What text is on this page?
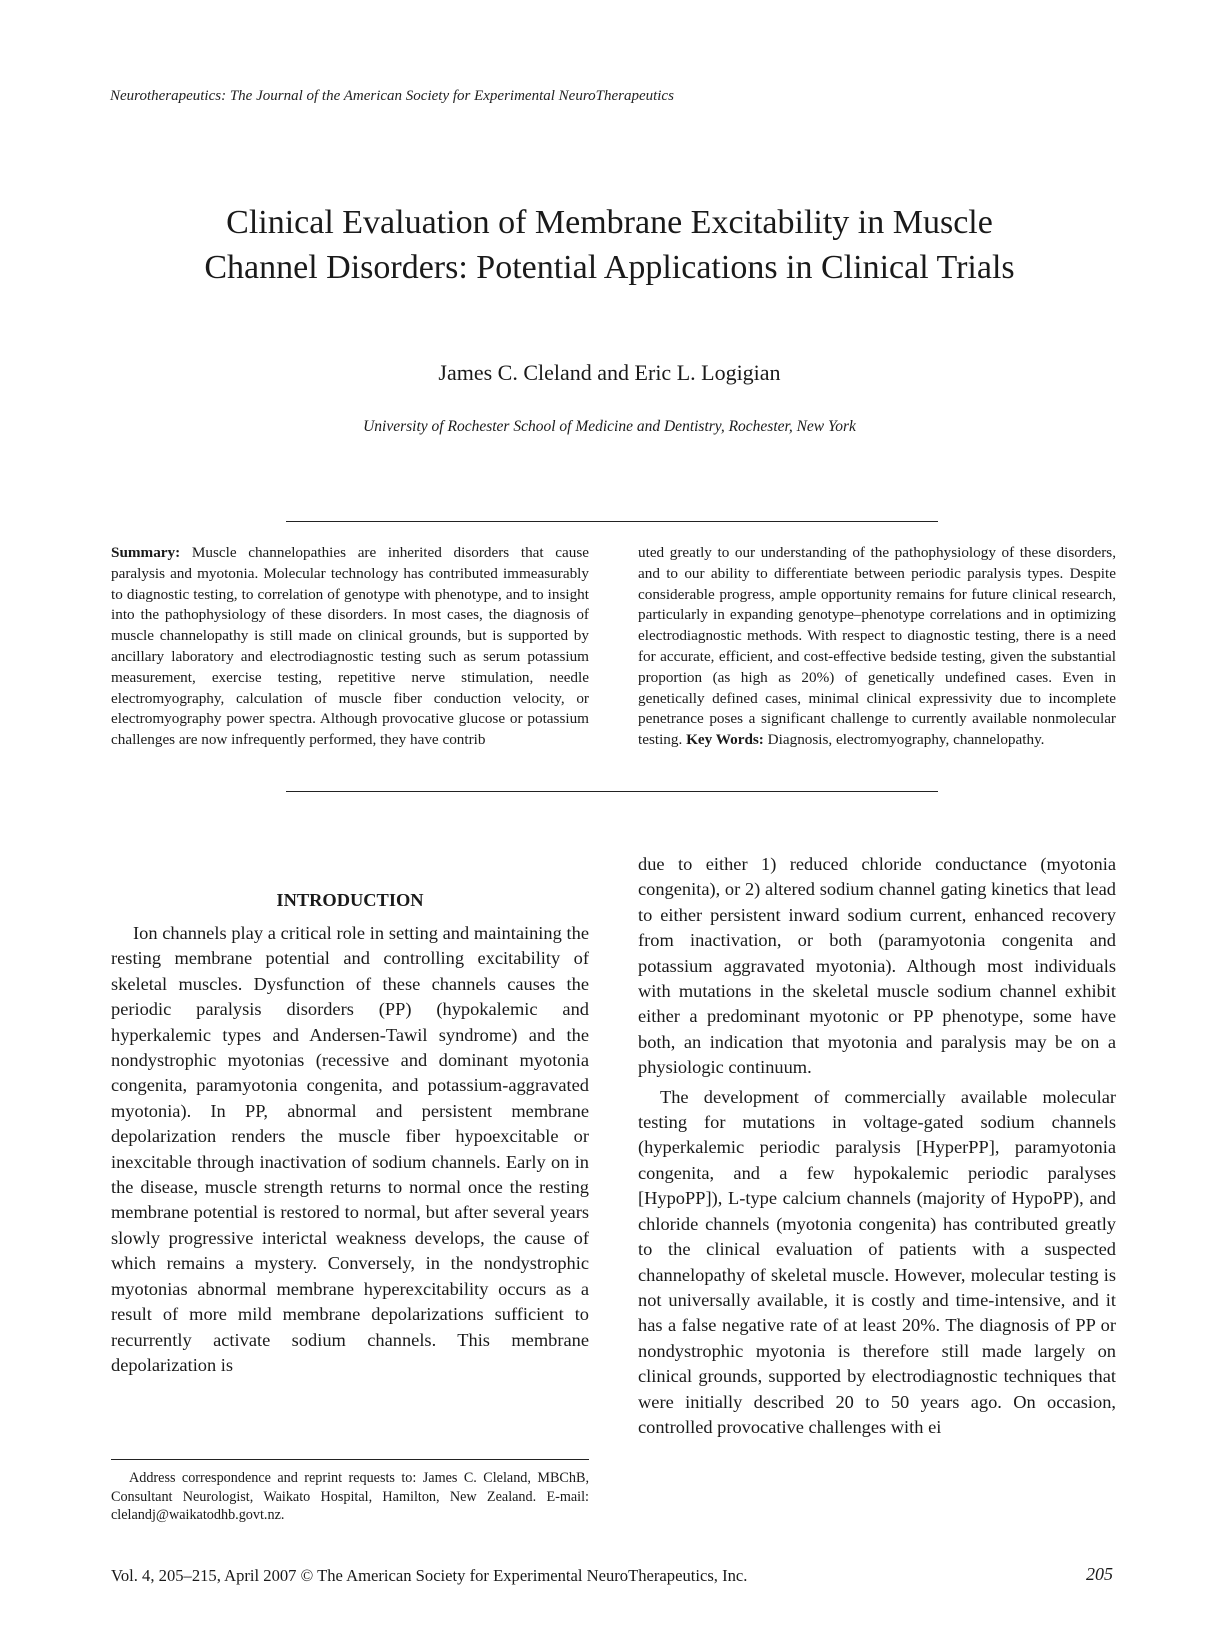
Neurotherapeutics: The Journal of the American Society for Experimental NeuroTherapeutics
Clinical Evaluation of Membrane Excitability in Muscle
Channel Disorders: Potential Applications in Clinical Trials
James C. Cleland and Eric L. Logigian
University of Rochester School of Medicine and Dentistry, Rochester, New York
Summary: Muscle channelopathies are inherited disorders that cause paralysis and myotonia. Molecular technology has contributed immeasurably to diagnostic testing, to correlation of genotype with phenotype, and to insight into the pathophysiology of these disorders. In most cases, the diagnosis of muscle channelopathy is still made on clinical grounds, but is supported by ancillary laboratory and electrodiagnostic testing such as serum potassium measurement, exercise testing, repetitive nerve stimulation, needle electromyography, calculation of muscle fiber conduction velocity, or electromyography power spectra. Although provocative glucose or potassium challenges are now infrequently performed, they have contrib
uted greatly to our understanding of the pathophysiology of these disorders, and to our ability to differentiate between periodic paralysis types. Despite considerable progress, ample opportunity remains for future clinical research, particularly in expanding genotype–phenotype correlations and in optimizing electrodiagnostic methods. With respect to diagnostic testing, there is a need for accurate, efficient, and cost-effective bedside testing, given the substantial proportion (as high as 20%) of genetically undefined cases. Even in genetically defined cases, minimal clinical expressivity due to incomplete penetrance poses a significant challenge to currently available nonmolecular testing. Key Words: Diagnosis, electromyography, channelopathy.
INTRODUCTION

Ion channels play a critical role in setting and maintaining the resting membrane potential and controlling excitability of skeletal muscles. Dysfunction of these channels causes the periodic paralysis disorders (PP) (hypokalemic and hyperkalemic types and Andersen-Tawil syndrome) and the nondystrophic myotonias (recessive and dominant myotonia congenita, paramyotonia congenita, and potassium-aggravated myotonia). In PP, abnormal and persistent membrane depolarization renders the muscle fiber hypoexcitable or inexcitable through inactivation of sodium channels. Early on in the disease, muscle strength returns to normal once the resting membrane potential is restored to normal, but after several years slowly progressive interictal weakness develops, the cause of which remains a mystery. Conversely, in the nondystrophic myotonias abnormal membrane hyperexcitability occurs as a result of more mild membrane depolarizations sufficient to recurrently activate sodium channels. This membrane depolarization is

due to either 1) reduced chloride conductance (myotonia congenita), or 2) altered sodium channel gating kinetics that lead to either persistent inward sodium current, enhanced recovery from inactivation, or both (paramyotonia congenita and potassium aggravated myotonia). Although most individuals with mutations in the skeletal muscle sodium channel exhibit either a predominant myotonic or PP phenotype, some have both, an indication that myotonia and paralysis may be on a physiologic continuum.

The development of commercially available molecular testing for mutations in voltage-gated sodium channels (hyperkalemic periodic paralysis [HyperPP], paramyotonia congenita, and a few hypokalemic periodic paralyses [HypoPP]), L-type calcium channels (majority of HypoPP), and chloride channels (myotonia congenita) has contributed greatly to the clinical evaluation of patients with a suspected channelopathy of skeletal muscle. However, molecular testing is not universally available, it is costly and time-intensive, and it has a false negative rate of at least 20%. The diagnosis of PP or nondystrophic myotonia is therefore still made largely on clinical grounds, supported by electrodiagnostic techniques that were initially described 20 to 50 years ago. On occasion, controlled provocative challenges with ei

Address correspondence and reprint requests to: James C. Cleland, MBChB, Consultant Neurologist, Waikato Hospital, Hamilton, New Zealand. E-mail: clelandj@waikatodhb.govt.nz.
Vol. 4, 205–215, April 2007 © The American Society for Experimental NeuroTherapeutics, Inc.	205
